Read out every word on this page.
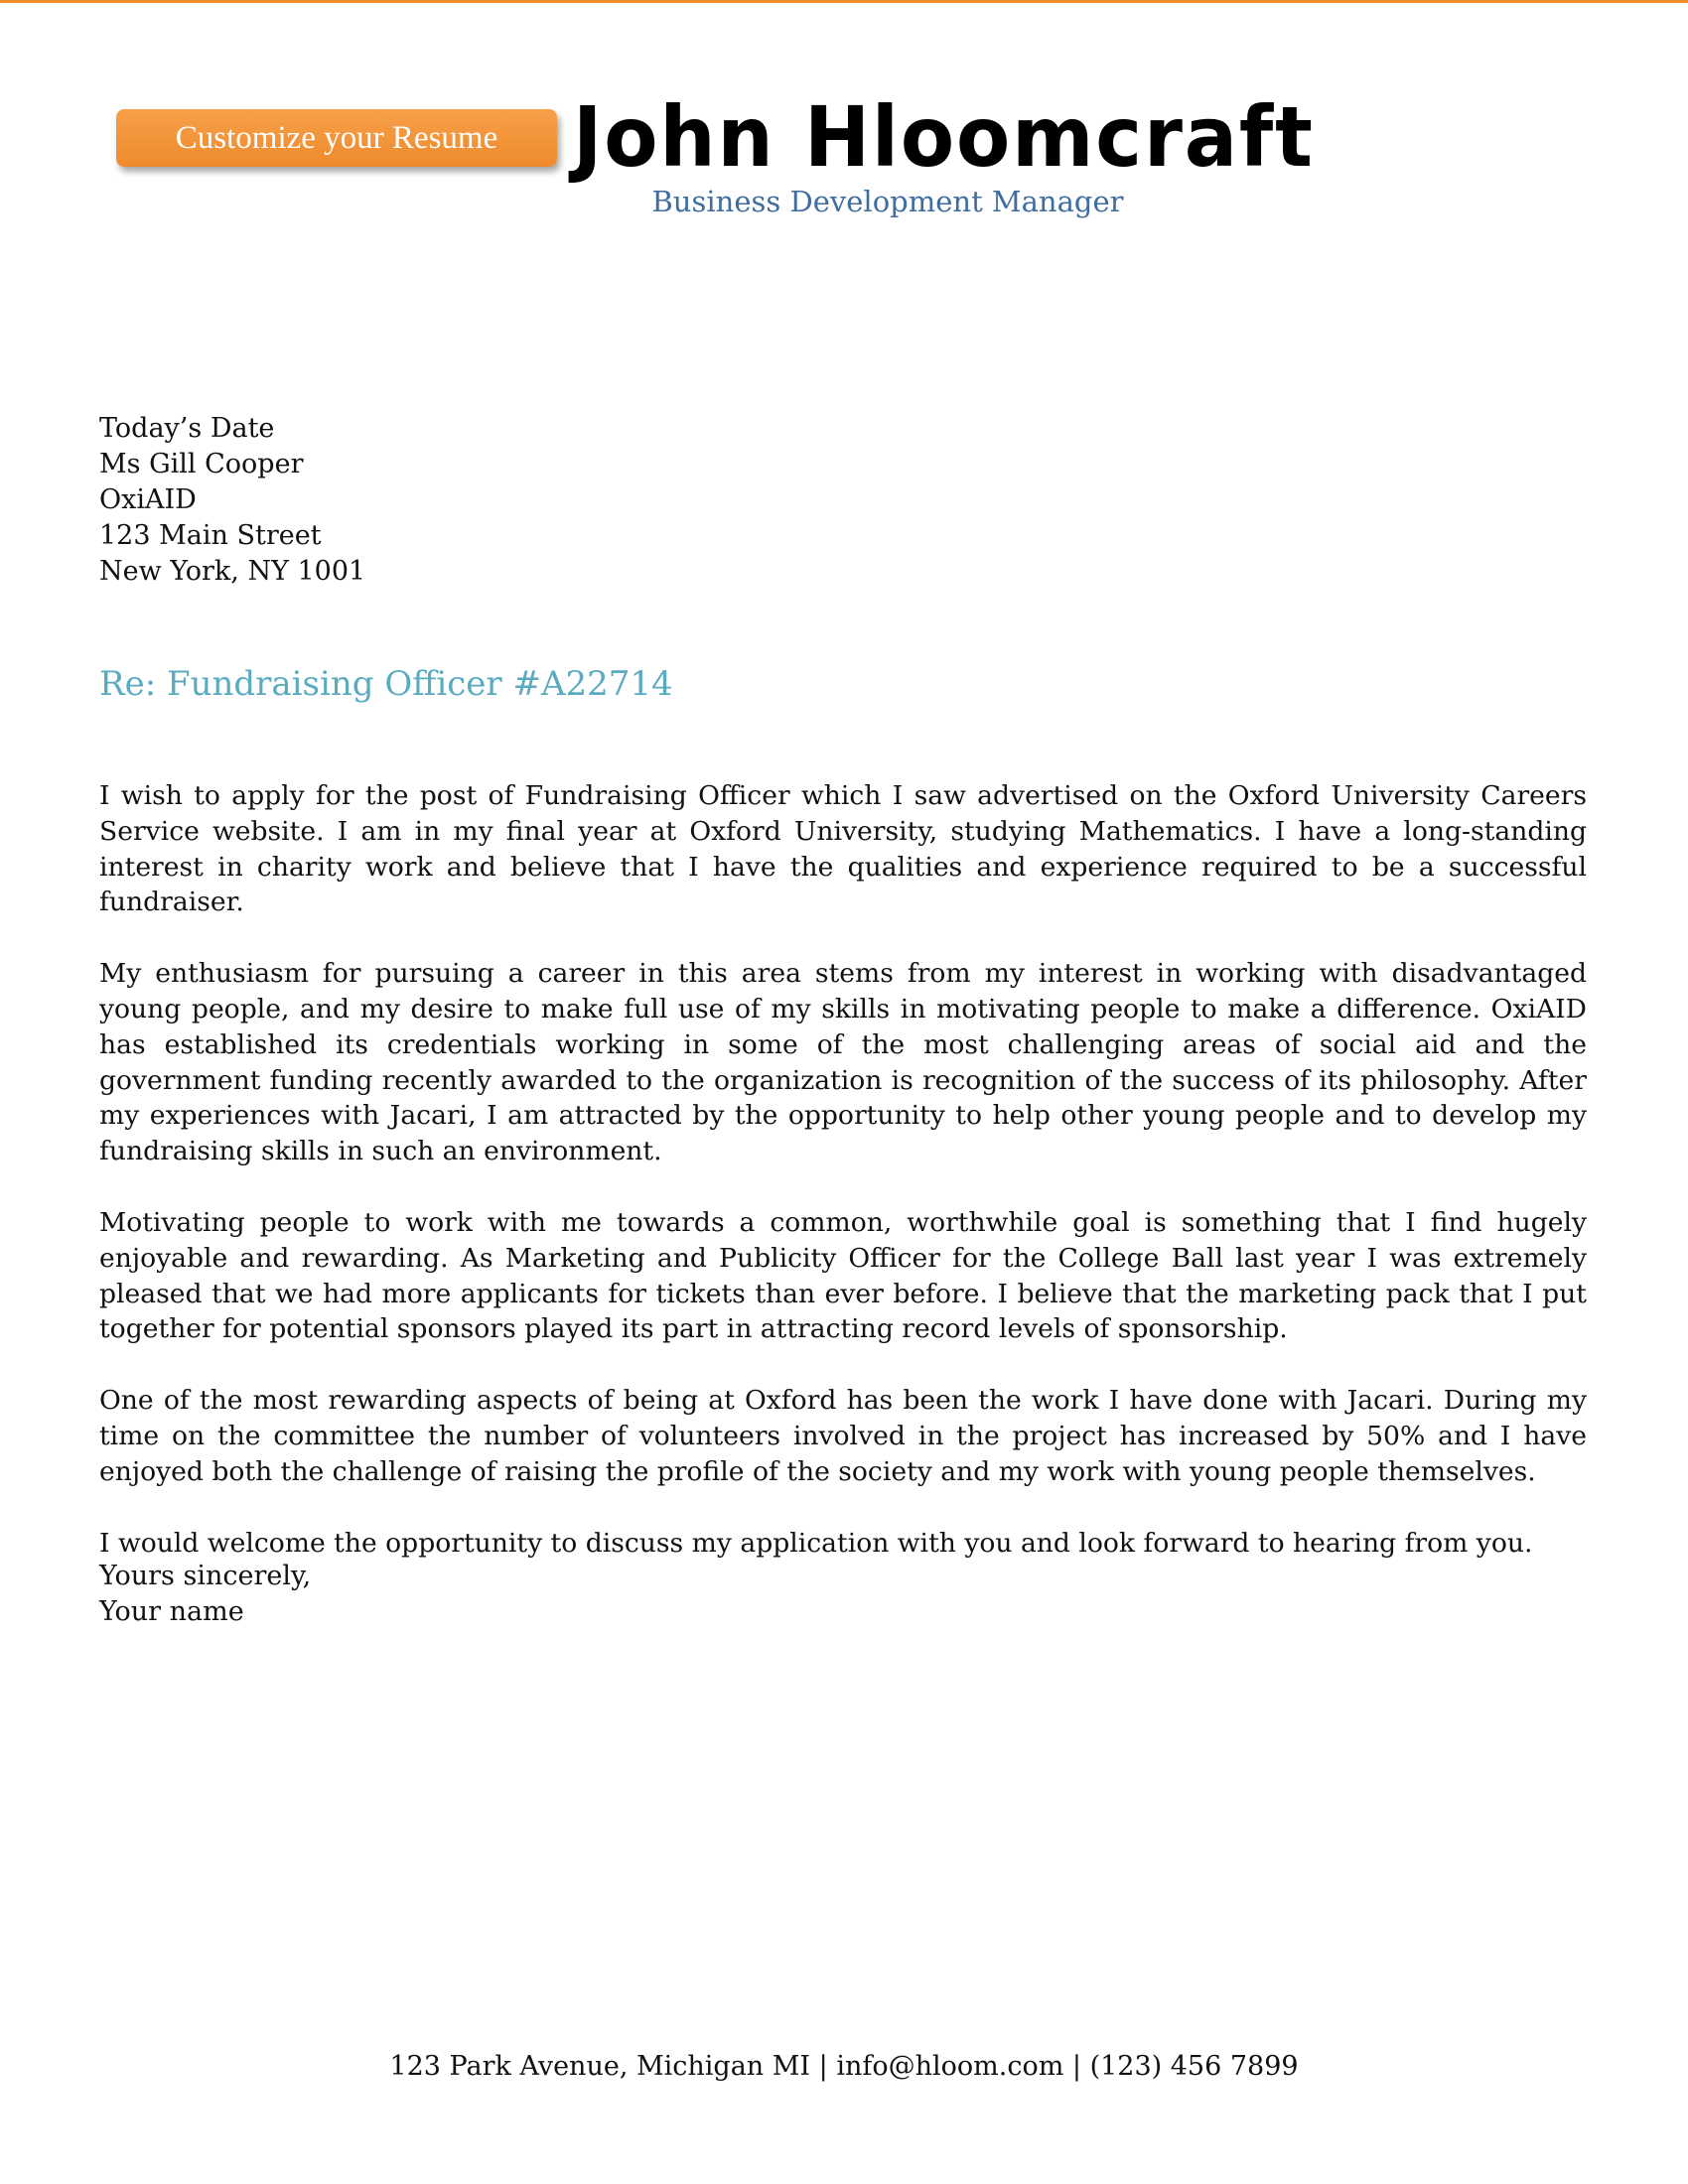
Customize your Resume John Hloomcraft
Business Development Manager
Today’s Date
Ms Gill Cooper
OxiAID
123 Main Street
New York, NY 1001
Re: Fundraising Officer #A22714

I wish to apply for the post of Fundraising Officer which I saw advertised on the Oxford University Careers Service website. I am in my final year at Oxford University, studying Mathematics. I have a long-standing interest in charity work and believe that I have the qualities and experience required to be a successful fundraiser.

My enthusiasm for pursuing a career in this area stems from my interest in working with disadvantaged young people, and my desire to make full use of my skills in motivating people to make a difference. OxiAID has established its credentials working in some of the most challenging areas of social aid and the government funding recently awarded to the organization is recognition of the success of its philosophy. After my experiences with Jacari, I am attracted by the opportunity to help other young people and to develop my fundraising skills in such an environment.

Motivating people to work with me towards a common, worthwhile goal is something that I find hugely enjoyable and rewarding. As Marketing and Publicity Officer for the College Ball last year I was extremely pleased that we had more applicants for tickets than ever before. I believe that the marketing pack that I put together for potential sponsors played its part in attracting record levels of sponsorship.

One of the most rewarding aspects of being at Oxford has been the work I have done with Jacari. During my time on the committee the number of volunteers involved in the project has increased by 50% and I have enjoyed both the challenge of raising the profile of the society and my work with young people themselves.

I would welcome the opportunity to discuss my application with you and look forward to hearing from you.

Yours sincerely,
Your name
123 Park Avenue, Michigan MI | info@hloom.com | (123) 456 7899
